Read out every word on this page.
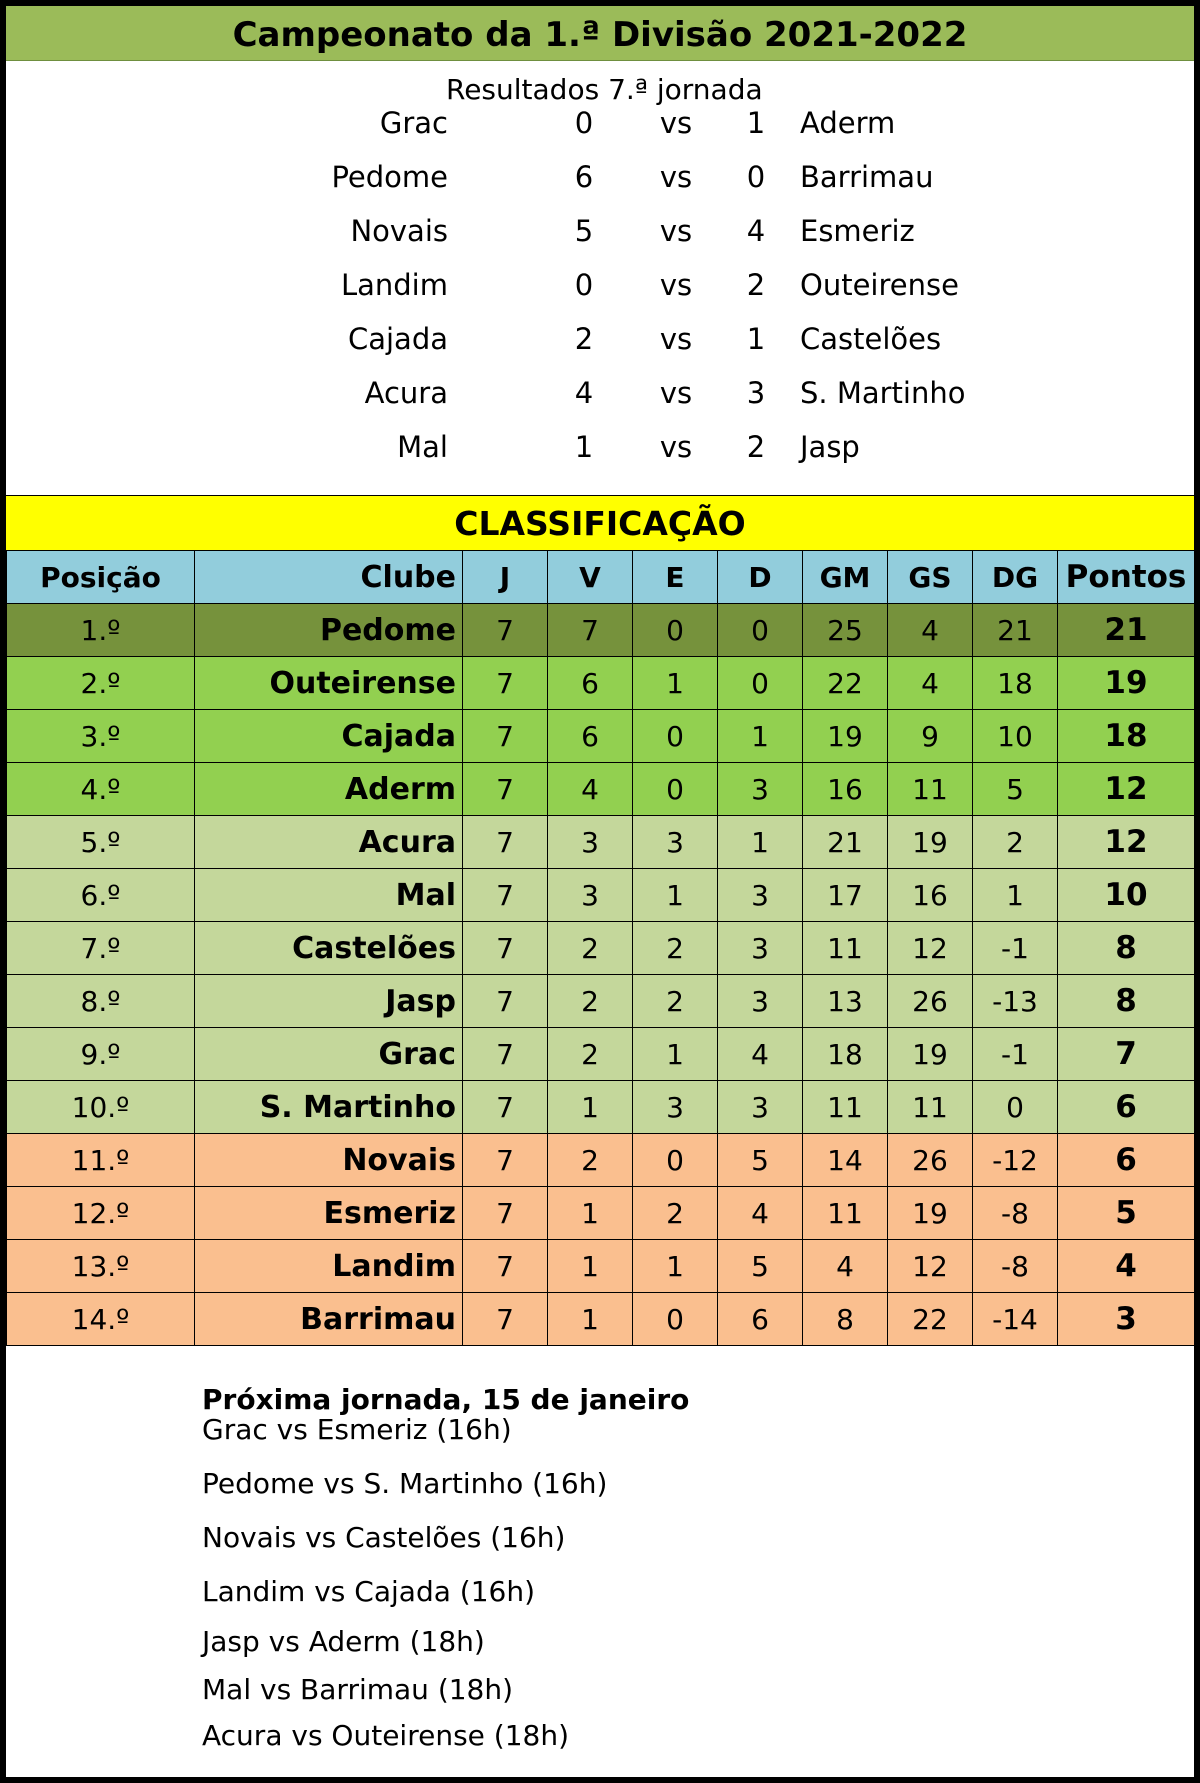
Campeonato da 1.ª Divisão 2021-2022
Resultados 7.ª jornada
Grac	0	vs	1	Aderm
Pedome	6	vs	0	Barrimau
Novais	5	vs	4	Esmeriz
Landim	0	vs	2	Outeirense
Cajada	2	vs	1	Castelões
Acura	4	vs	3	S. Martinho
Mal	1	vs	2	Jasp
CLASSIFICAÇÃO
Posição	Clube	J	V	E	D	GM	GS	DG	Pontos
1.º	Pedome	7	7	0	0	25	4	21	21
2.º	Outeirense	7	6	1	0	22	4	18	19
3.º	Cajada	7	6	0	1	19	9	10	18
4.º	Aderm	7	4	0	3	16	11	5	12
5.º	Acura	7	3	3	1	21	19	2	12
6.º	Mal	7	3	1	3	17	16	1	10
7.º	Castelões	7	2	2	3	11	12	-1	8
8.º	Jasp	7	2	2	3	13	26	-13	8
9.º	Grac	7	2	1	4	18	19	-1	7
10.º	S. Martinho	7	1	3	3	11	11	0	6
11.º	Novais	7	2	0	5	14	26	-12	6
12.º	Esmeriz	7	1	2	4	11	19	-8	5
13.º	Landim	7	1	1	5	4	12	-8	4
14.º	Barrimau	7	1	0	6	8	22	-14	3
Próxima jornada, 15 de janeiro
Grac vs Esmeriz (16h)
Pedome vs S. Martinho (16h)
Novais vs Castelões (16h)
Landim vs Cajada (16h)
Jasp vs Aderm (18h)
Mal vs Barrimau (18h)
Acura vs Outeirense (18h)
